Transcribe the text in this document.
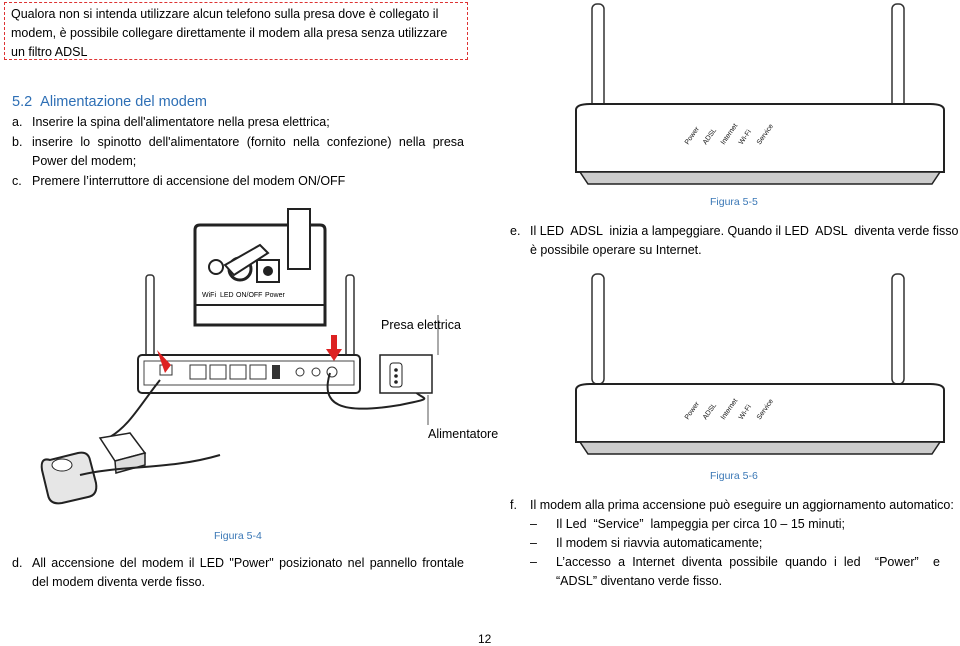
Qualora non si intenda utilizzare alcun telefono sulla presa dove è collegato il modem, è possibile collegare direttamente il modem alla presa senza utilizzare un filtro ADSL
5.2 Alimentazione del modem
a. Inserire la spina dell'alimentatore nella presa elettrica;
b. inserire lo spinotto dell'alimentatore (fornito nella confezione) nella presa Power del modem;
c. Premere l’interruttore di accensione del modem ON/OFF
WiFi LED ON/OFF Power
Presa elettrica
Alimentatore
Figura 5-4
d. All accensione del modem il LED "Power" posizionato nel pannello frontale del modem diventa verde fisso.
Power ADSL Internet
Wi-Fi Service
Figura 5-5
e. Il LED  ADSL  inizia a lampeggiare. Quando il LED  ADSL  diventa verde fisso è possibile operare su Internet.
Power ADSL Internet
Wi-Fi Service
Figura 5-6
f.	Il modem alla prima accensione può eseguire un aggiornamento automatico:
– Il Led  “Service”  lampeggia per circa 10 – 15 minuti;
– Il modem si riavvia automaticamente;
– L’accesso a Internet diventa possibile quando i led  “Power”  e  “ADSL” diventano verde fisso.
12
